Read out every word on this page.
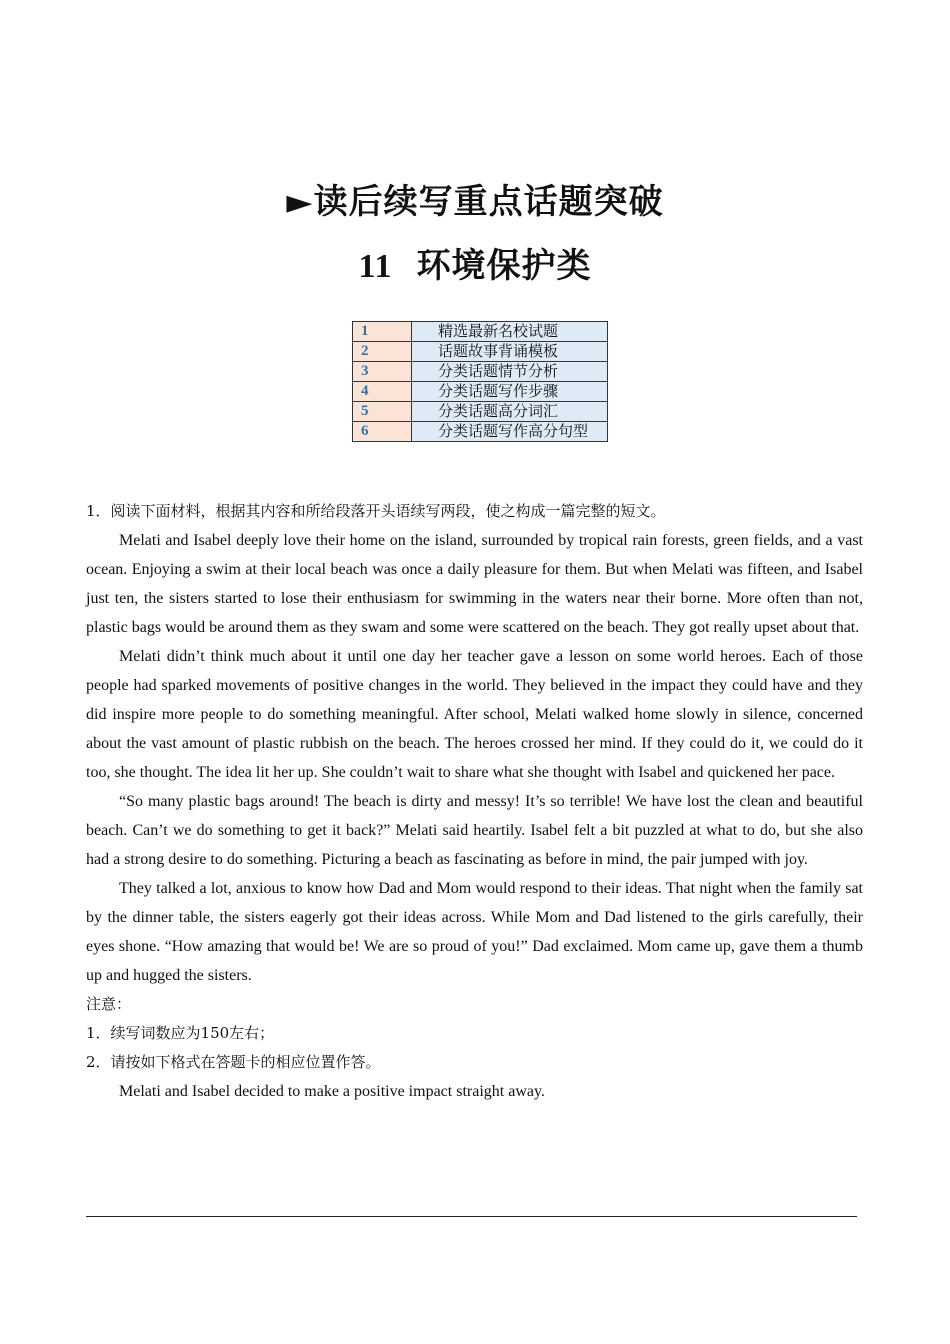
►读后续写重点话题突破
11 环境保护类
1	精选最新名校试题
2	话题故事背诵模板
3	分类话题情节分析
4	分类话题写作步骤
5	分类话题高分词汇
6	分类话题写作高分句型

1．阅读下面材料，根据其内容和所给段落开头语续写两段，使之构成一篇完整的短文。

Melati and Isabel deeply love their home on the island, surrounded by tropical rain forests, green fields, and a vast ocean. Enjoying a swim at their local beach was once a daily pleasure for them. But when Melati was fifteen, and Isabel just ten, the sisters started to lose their enthusiasm for swimming in the waters near their borne. More often than not, plastic bags would be around them as they swam and some were scattered on the beach. They got really upset about that.

Melati didn’t think much about it until one day her teacher gave a lesson on some world heroes. Each of those people had sparked movements of positive changes in the world. They believed in the impact they could have and they did inspire more people to do something meaningful. After school, Melati walked home slowly in silence, concerned about the vast amount of plastic rubbish on the beach. The heroes crossed her mind. If they could do it, we could do it too, she thought. The idea lit her up. She couldn’t wait to share what she thought with Isabel and quickened her pace.

“So many plastic bags around! The beach is dirty and messy! It’s so terrible! We have lost the clean and beautiful beach. Can’t we do something to get it back?” Melati said heartily. Isabel felt a bit puzzled at what to do, but she also had a strong desire to do something. Picturing a beach as fascinating as before in mind, the pair jumped with joy.

They talked a lot, anxious to know how Dad and Mom would respond to their ideas. That night when the family sat by the dinner table, the sisters eagerly got their ideas across. While Mom and Dad listened to the girls carefully, their eyes shone. “How amazing that would be! We are so proud of you!” Dad exclaimed. Mom came up, gave them a thumb up and hugged the sisters.

注意：

1．续写词数应为150左右；

2．请按如下格式在答题卡的相应位置作答。

Melati and Isabel decided to make a positive impact straight away.
